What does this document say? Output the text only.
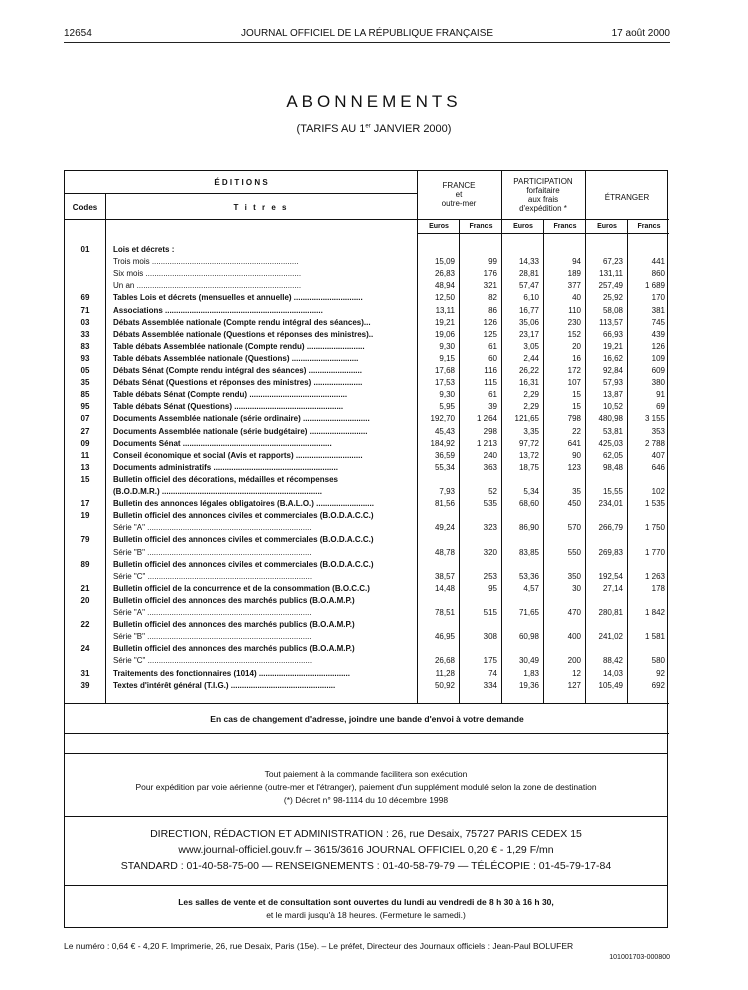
12654	JOURNAL OFFICIEL DE LA RÉPUBLIQUE FRANÇAISE	17 août 2000
ABONNEMENTS
(TARIFS AU 1er JANVIER 2000)
É D I T I O N S
Codes	T i t r e s
FRANCE
et
outre-mer
PARTICIPATION
forfaitaire
aux frais
d'expédition *
ÉTRANGER
Euros	Francs	Euros	Francs	Euros	Francs
01	Lois et décrets :
Trois mois ..................................................................	15,09	99	14,33	94	67,23	441
Six mois ......................................................................	26,83	176	28,81	189	131,11	860
Un an ..........................................................................	48,94	321	57,47	377	257,49	1 689
69	Tables Lois et décrets (mensuelles et annuelle) ...............................	12,50	82	6,10	40	25,92	170
71	Associations .......................................................................	13,11	86	16,77	110	58,08	381
03	Débats Assemblée nationale (Compte rendu intégral des séances)...	19,21	126	35,06	230	113,57	745
33	Débats Assemblée nationale (Questions et réponses des ministres)..	19,06	125	23,17	152	66,93	439
83	Table débats Assemblée nationale (Compte rendu) ..........................	9,30	61	3,05	20	19,21	126
93	Table débats Assemblée nationale (Questions) ..............................	9,15	60	2,44	16	16,62	109
05	Débats Sénat (Compte rendu intégral des séances) ........................	17,68	116	26,22	172	92,84	609
35	Débats Sénat (Questions et réponses des ministres) ......................	17,53	115	16,31	107	57,93	380
85	Table débats Sénat (Compte rendu) ............................................	9,30	61	2,29	15	13,87	91
95	Table débats Sénat (Questions) .................................................	5,95	39	2,29	15	10,52	69
07	Documents Assemblée nationale (série ordinaire) ..............................	192,70	1 264	121,65	798	480,98	3 155
27	Documents Assemblée nationale (série budgétaire) ..........................	45,43	298	3,35	22	53,81	353
09	Documents Sénat ...................................................................	184,92	1 213	97,72	641	425,03	2 788
11	Conseil économique et social (Avis et rapports) ..............................	36,59	240	13,72	90	62,05	407
13	Documents administratifs ........................................................	55,34	363	18,75	123	98,48	646
15	Bulletin officiel des décorations, médailles et récompenses
(B.O.D.M.R.) ........................................................................	7,93	52	5,34	35	15,55	102
17	Bulletin des annonces légales obligatoires (B.A.L.O.) ..........................	81,56	535	68,60	450	234,01	1 535
19	Bulletin officiel des annonces civiles et commerciales (B.O.D.A.C.C.)
Série "A" ..........................................................................	49,24	323	86,90	570	266,79	1 750
79	Bulletin officiel des annonces civiles et commerciales (B.O.D.A.C.C.)
Série "B" ..........................................................................	48,78	320	83,85	550	269,83	1 770
89	Bulletin officiel des annonces civiles et commerciales (B.O.D.A.C.C.)
Série "C" ..........................................................................	38,57	253	53,36	350	192,54	1 263
21	Bulletin officiel de la concurrence et de la consommation (B.O.C.C.)	14,48	95	4,57	30	27,14	178
20	Bulletin officiel des annonces des marchés publics (B.O.A.M.P.)
Série "A" ..........................................................................	78,51	515	71,65	470	280,81	1 842
22	Bulletin officiel des annonces des marchés publics (B.O.A.M.P.)
Série "B" ..........................................................................	46,95	308	60,98	400	241,02	1 581
24	Bulletin officiel des annonces des marchés publics (B.O.A.M.P.)
Série "C" ..........................................................................	26,68	175	30,49	200	88,42	580
31	Traitements des fonctionnaires (1014) .........................................	11,28	74	1,83	12	14,03	92
39	Textes d'intérêt général (T.I.G.) ...............................................	50,92	334	19,36	127	105,49	692
En cas de changement d'adresse, joindre une bande d'envoi à votre demande
Tout paiement à la commande facilitera son exécution
Pour expédition par voie aérienne (outre-mer et l'étranger), paiement d'un supplément modulé selon la zone de destination
(*) Décret n° 98-1114 du 10 décembre 1998
DIRECTION, RÉDACTION ET ADMINISTRATION : 26, rue Desaix, 75727 PARIS CEDEX 15
www.journal-officiel.gouv.fr – 3615/3616 JOURNAL OFFICIEL 0,20 € - 1,29 F/mn
STANDARD : 01-40-58-75-00 — RENSEIGNEMENTS : 01-40-58-79-79 — TÉLÉCOPIE : 01-45-79-17-84
Les salles de vente et de consultation sont ouvertes du lundi au vendredi de 8 h 30 à 16 h 30,
et le mardi jusqu'à 18 heures. (Fermeture le samedi.)
Le numéro : 0,64 € - 4,20 F. Imprimerie, 26, rue Desaix, Paris (15e). – Le préfet, Directeur des Journaux officiels : Jean-Paul BOLUFER
101001703-000800
